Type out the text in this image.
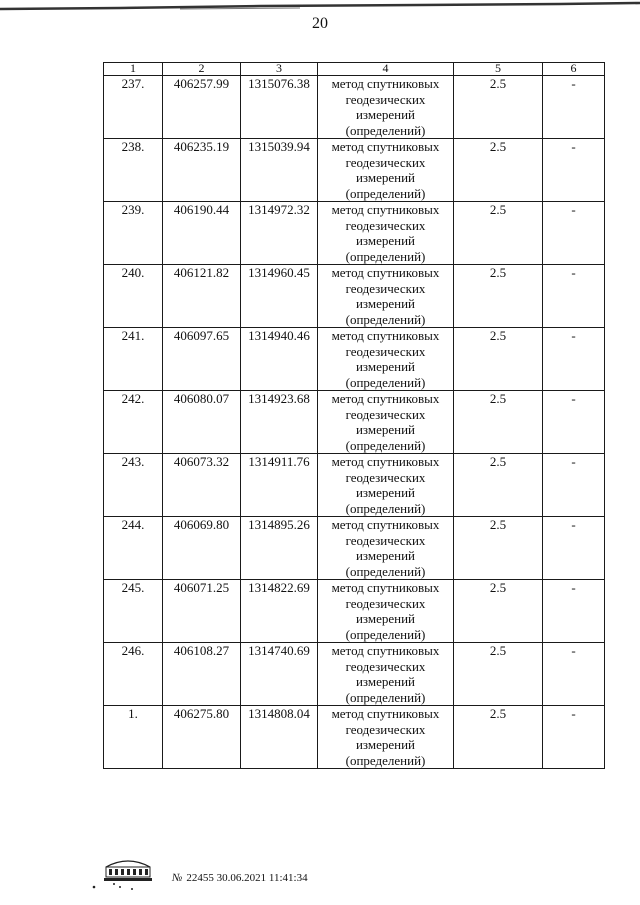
20
1	2	3	4	5	6
237.	406257.99	1315076.38	метод спутниковых геодезических измерений (определений)	2.5	-
238.	406235.19	1315039.94	метод спутниковых геодезических измерений (определений)	2.5	-
239.	406190.44	1314972.32	метод спутниковых геодезических измерений (определений)	2.5	-
240.	406121.82	1314960.45	метод спутниковых геодезических измерений (определений)	2.5	-
241.	406097.65	1314940.46	метод спутниковых геодезических измерений (определений)	2.5	-
242.	406080.07	1314923.68	метод спутниковых геодезических измерений (определений)	2.5	-
243.	406073.32	1314911.76	метод спутниковых геодезических измерений (определений)	2.5	-
244.	406069.80	1314895.26	метод спутниковых геодезических измерений (определений)	2.5	-
245.	406071.25	1314822.69	метод спутниковых геодезических измерений (определений)	2.5	-
246.	406108.27	1314740.69	метод спутниковых геодезических измерений (определений)	2.5	-
1.	406275.80	1314808.04	метод спутниковых геодезических измерений (определений)	2.5	-
№ 22455 30.06.2021 11:41:34
